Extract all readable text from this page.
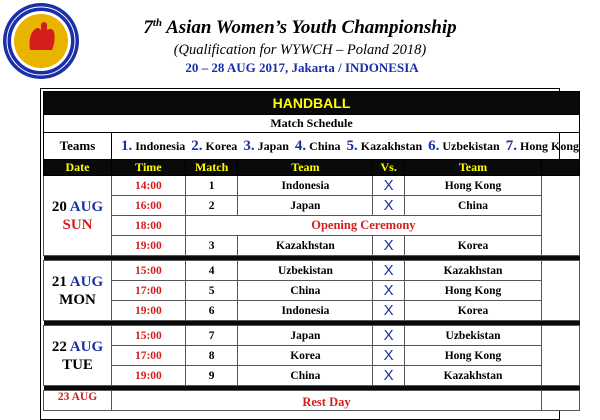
7th Asian Women’s Youth Championship
(Qualification for WYWCH – Poland 2018)
20 – 28 AUG 2017, Jakarta / INDONESIA
HANDBALL						
Match Schedule						
Teams	1. Indonesia 2. Korea 3. Japan 4. China 5. Kazakhstan 6. Uzbekistan 7. Hong Kong					
Date	Time	Match	Team	Vs.	Team	

20 AUG
SUN	14:00	1	Indonesia	X	Hong Kong	
	16:00	2	Japan	X	China	
	18:00	Opening Ceremony				
	19:00	3	Kazakhstan	X	Korea	

21 AUG
MON	15:00	4	Uzbekistan	X	Kazakhstan	
	17:00	5	China	X	Hong Kong	
	19:00	6	Indonesia	X	Korea	

22 AUG
TUE	15:00	7	Japan	X	Uzbekistan	
	17:00	8	Korea	X	Hong Kong	
	19:00	9	China	X	Kazakhstan	

23 AUG	Rest Day					
